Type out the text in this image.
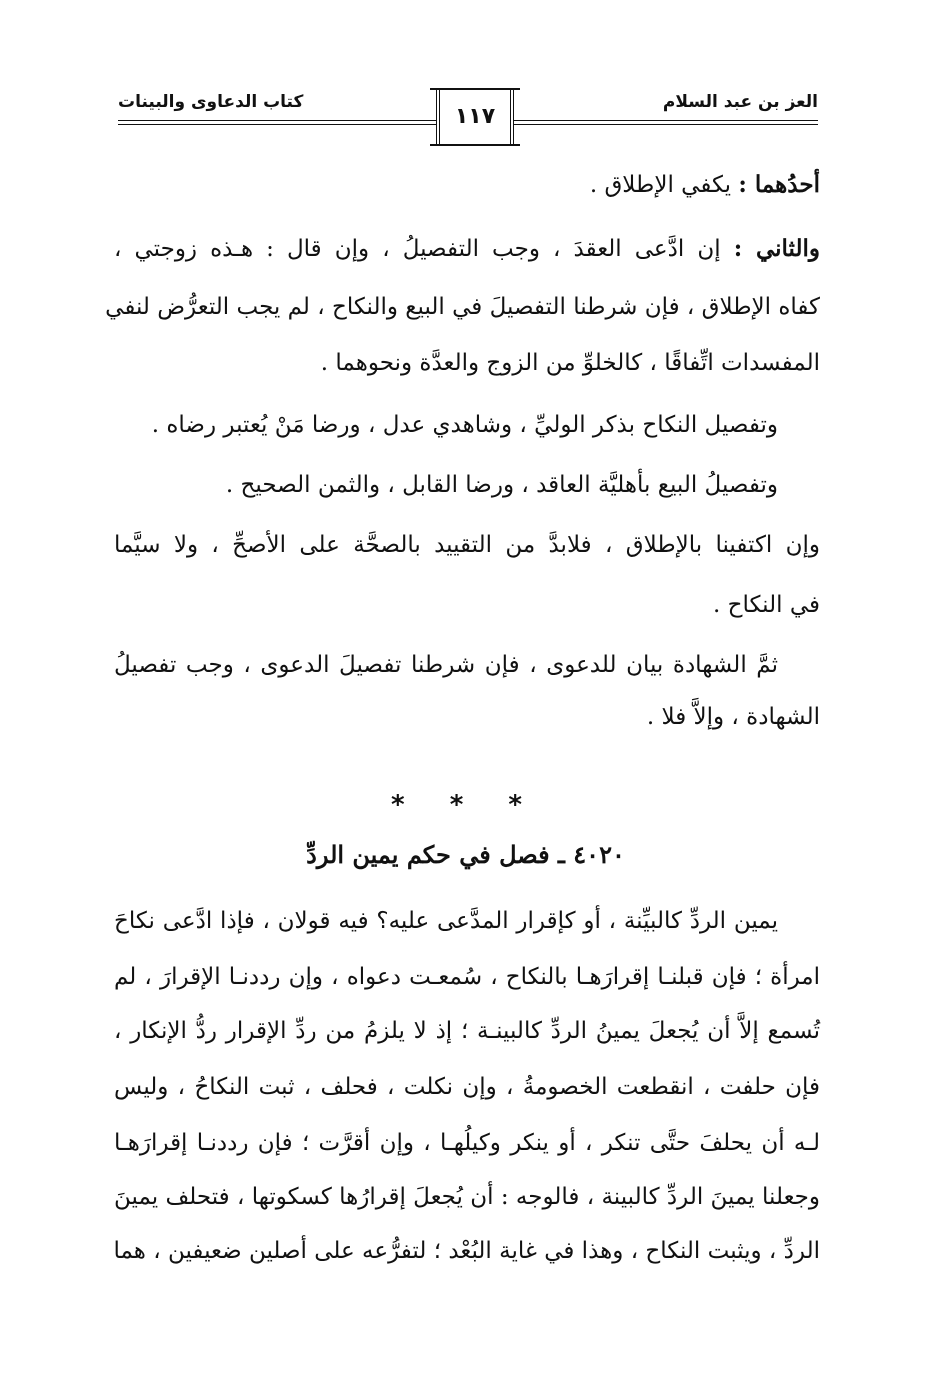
العز بن عبد السلام
١١٧
كتاب الدعاوى والبينات
أحدُهما : يكفي الإطلاق .
والثاني : إن ادَّعى العقدَ ، وجب التفصيلُ ، وإن قال : هـذه زوجتي ،
كفاه الإطلاق ، فإن شرطنا التفصيلَ في البيع والنكاح ، لم يجب التعرُّض لنفي
المفسدات اتِّفاقًا ، كالخلوِّ من الزوج والعدَّة ونحوهما .
وتفصيل النكاح بذكر الوليِّ ، وشاهدي عدل ، ورضا مَنْ يُعتبر رضاه .
وتفصيلُ البيع بأهليَّة العاقد ، ورضا القابل ، والثمن الصحيح .
وإن اكتفينا بالإطلاق ، فلابدَّ من التقييد بالصحَّة على الأصحِّ ، ولا سيَّما
في النكاح .
ثمَّ الشهادة بيان للدعوى ، فإن شرطنا تفصيلَ الدعوى ، وجب تفصيلُ
الشهادة ، وإلاَّ فلا .
* * *
٤٠٢٠ ـ فصل في حكم يمين الردِّ
يمين الردِّ كالبيِّنة ، أو كإقرار المدَّعى عليه؟ فيه قولان ، فإذا ادَّعى نكاحَ
امرأة ؛ فإن قبلنـا إقرارَهـا بالنكاح ، سُمعـت دعواه ، وإن رددنـا الإقرارَ ، لم
تُسمع إلاَّ أن يُجعلَ يمينُ الردِّ كالبينـة ؛ إذ لا يلزمُ من ردِّ الإقرار ردُّ الإنكار ،
فإن حلفت ، انقطعت الخصومةُ ، وإن نكلت ، فحلف ، ثبت النكاحُ ، وليس
لـه أن يحلفَ حتَّى تنكر ، أو ينكر وكيلُهـا ، وإن أقرَّت ؛ فإن رددنـا إقرارَهـا
وجعلنا يمينَ الردِّ كالبينة ، فالوجه : أن يُجعلَ إقرارُها كسكوتها ، فتحلف يمينَ
الردِّ ، ويثبت النكاح ، وهذا في غاية البُعْد ؛ لتفرُّعه على أصلين ضعيفين ، هما
